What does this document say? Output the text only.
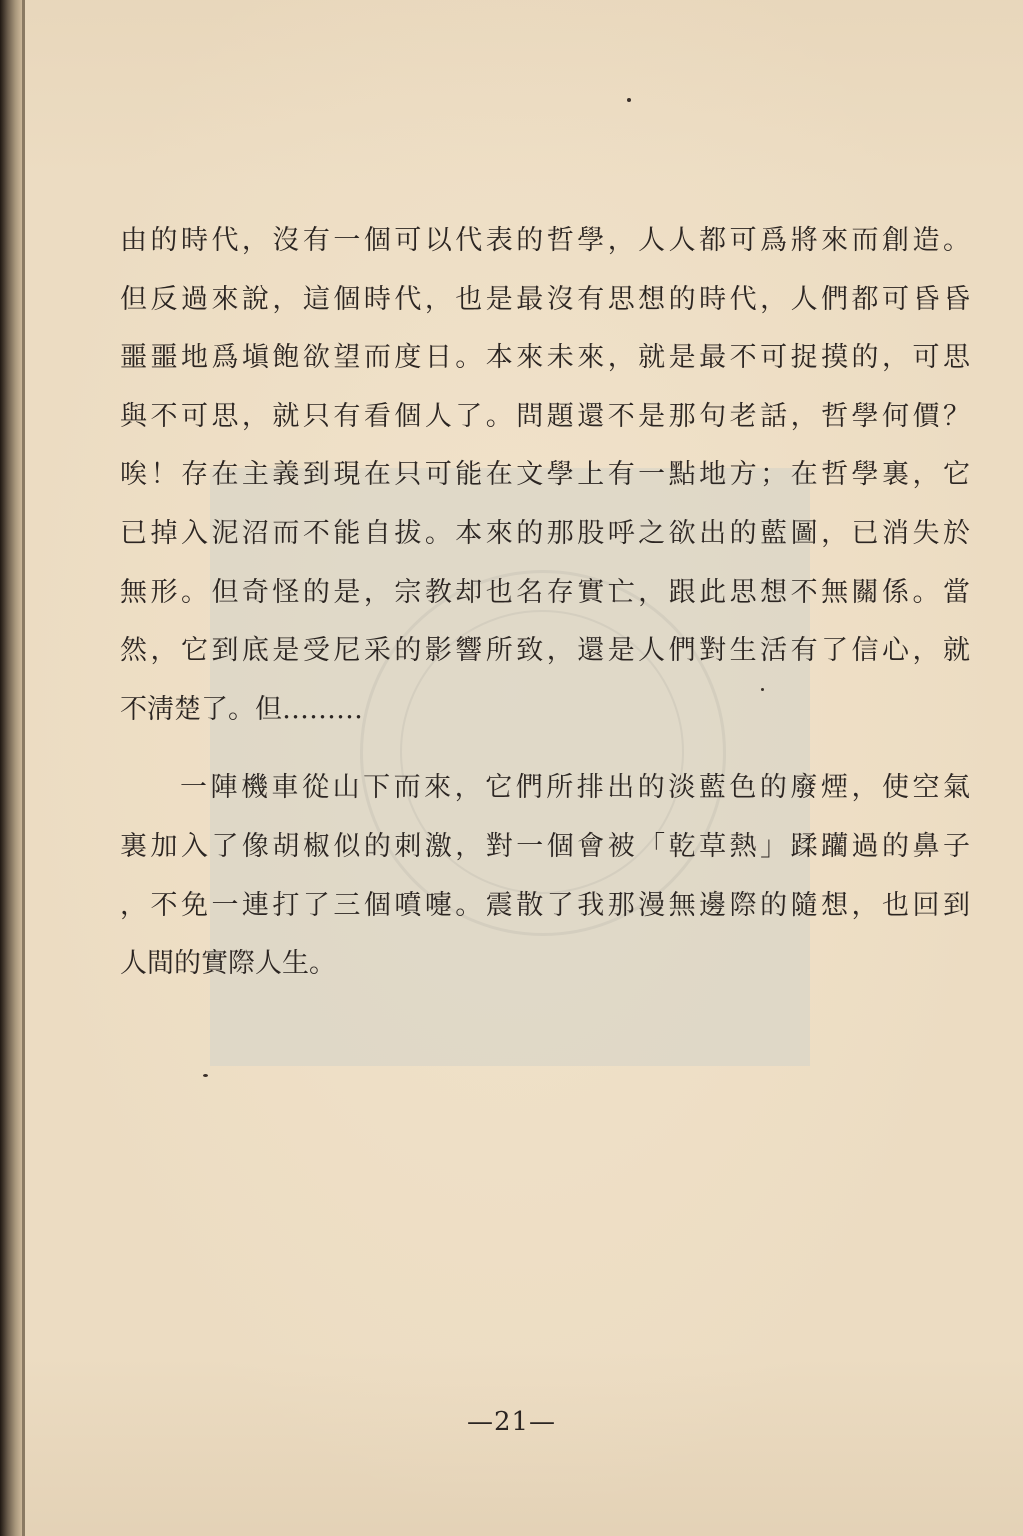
由的時代，沒有一個可以代表的哲學，人人都可爲將來而創造。
但反過來說，這個時代，也是最沒有思想的時代，人們都可昏昏
噩噩地爲塡飽欲望而度日。本來未來，就是最不可捉摸的，可思
與不可思，就只有看個人了。問題還不是那句老話，哲學何價？
唉！存在主義到現在只可能在文學上有一點地方；在哲學裏，它
已掉入泥沼而不能自拔。本來的那股呼之欲出的藍圖，已消失於
無形。但奇怪的是，宗教却也名存實亡，跟此思想不無關係。當
然，它到底是受尼采的影響所致，還是人們對生活有了信心，就
不淸楚了。但………
一陣機車從山下而來，它們所排出的淡藍色的廢煙，使空氣
裏加入了像胡椒似的刺激，對一個會被「乾草熱」蹂躪過的鼻子
，不免一連打了三個噴嚏。震散了我那漫無邊際的隨想，也回到
人間的實際人生。
—21—
